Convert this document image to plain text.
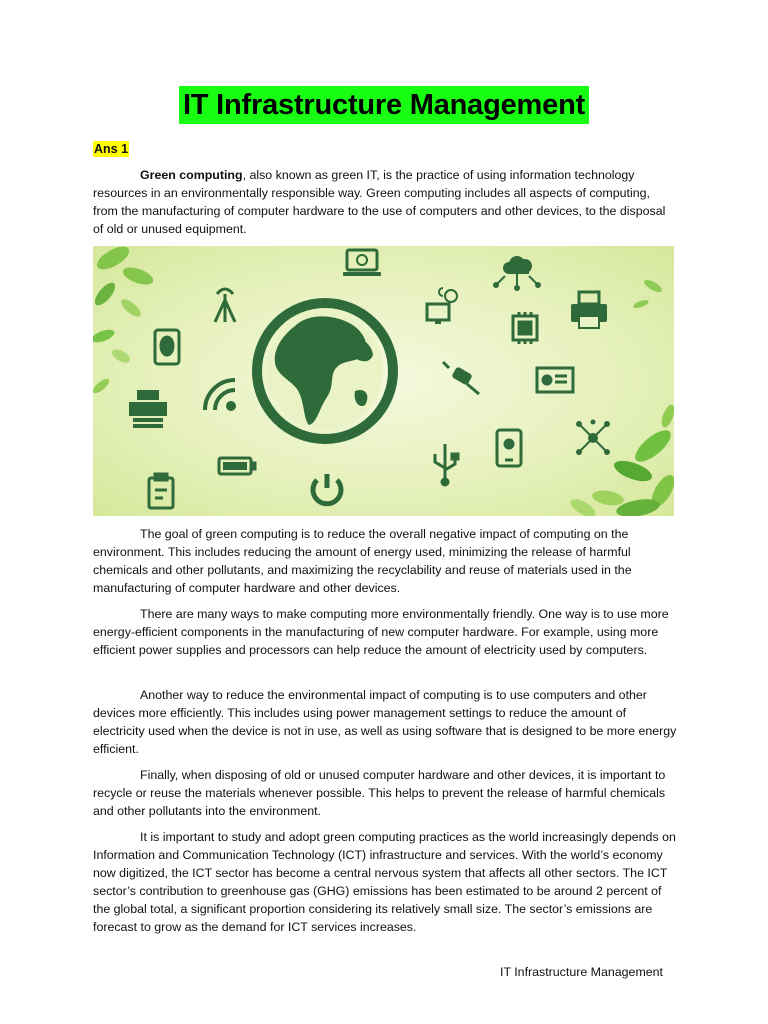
IT Infrastructure Management
Ans 1

Green computing, also known as green IT, is the practice of using information technology resources in an environmentally responsible way. Green computing includes all aspects of computing, from the manufacturing of computer hardware to the use of computers and other devices, to the disposal of old or unused equipment.

The goal of green computing is to reduce the overall negative impact of computing on the environment. This includes reducing the amount of energy used, minimizing the release of harmful chemicals and other pollutants, and maximizing the recyclability and reuse of materials used in the manufacturing of computer hardware and other devices.

There are many ways to make computing more environmentally friendly. One way is to use more energy-efficient components in the manufacturing of new computer hardware. For example, using more efficient power supplies and processors can help reduce the amount of electricity used by computers.

Another way to reduce the environmental impact of computing is to use computers and other devices more efficiently. This includes using power management settings to reduce the amount of electricity used when the device is not in use, as well as using software that is designed to be more energy efficient.

Finally, when disposing of old or unused computer hardware and other devices, it is important to recycle or reuse the materials whenever possible. This helps to prevent the release of harmful chemicals and other pollutants into the environment.

It is important to study and adopt green computing practices as the world increasingly depends on Information and Communication Technology (ICT) infrastructure and services. With the world’s economy now digitized, the ICT sector has become a central nervous system that affects all other sectors. The ICT sector’s contribution to greenhouse gas (GHG) emissions has been estimated to be around 2 percent of the global total, a significant proportion considering its relatively small size. The sector’s emissions are forecast to grow as the demand for ICT services increases.

IT Infrastructure Management
